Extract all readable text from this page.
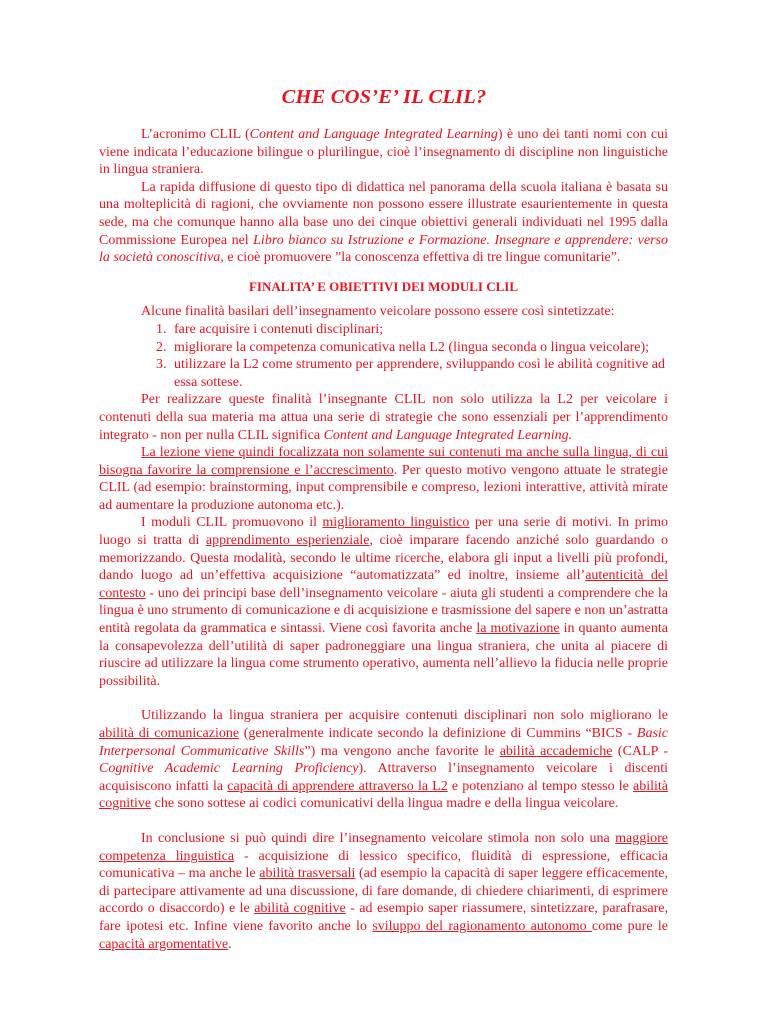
CHE COS’E’ IL CLIL?

L’acronimo CLIL (Content and Language Integrated Learning) è uno dei tanti nomi con cui viene indicata l’educazione bilingue o plurilingue, cioè l’insegnamento di discipline non linguistiche in lingua straniera.

La rapida diffusione di questo tipo di didattica nel panorama della scuola italiana è basata su una molteplicità di ragioni, che ovviamente non possono essere illustrate esaurientemente in questa sede, ma che comunque hanno alla base uno dei cinque obiettivi generali individuati nel 1995 dalla Commissione Europea nel Libro bianco su Istruzione e Formazione. Insegnare e apprendere: verso la società conoscitiva, e cioè promuovere ”la conoscenza effettiva di tre lingue comunitarie”.

FINALITA’ E OBIETTIVI DEI MODULI CLIL

Alcune finalità basilari dell’insegnamento veicolare possono essere così sintetizzate:

1. fare acquisire i contenuti disciplinari;
2. migliorare la competenza comunicativa nella L2 (lingua seconda o lingua veicolare);
3. utilizzare la L2 come strumento per apprendere, sviluppando così le abilità cognitive ad essa sottese.

Per realizzare queste finalità l’insegnante CLIL non solo utilizza la L2 per veicolare i contenuti della sua materia ma attua una serie di strategie che sono essenziali per l’apprendimento integrato - non per nulla CLIL significa Content and Language Integrated Learning.

La lezione viene quindi focalizzata non solamente sui contenuti ma anche sulla lingua, di cui bisogna favorire la comprensione e l’accrescimento. Per questo motivo vengono attuate le strategie CLIL (ad esempio: brainstorming, input comprensibile e compreso, lezioni interattive, attività mirate ad aumentare la produzione autonoma etc.).

I moduli CLIL promuovono il miglioramento linguistico per una serie di motivi. In primo luogo si tratta di apprendimento esperienziale, cioè imparare facendo anziché solo guardando o memorizzando. Questa modalità, secondo le ultime ricerche, elabora gli input a livelli più profondi, dando luogo ad un’effettiva acquisizione “automatizzata” ed inoltre, insieme all’autenticità del contesto - uno dei principi base dell’insegnamento veicolare - aiuta gli studenti a comprendere che la lingua è uno strumento di comunicazione e di acquisizione e trasmissione del sapere e non un’astratta entità regolata da grammatica e sintassi. Viene così favorita anche la motivazione in quanto aumenta la consapevolezza dell’utilità di saper padroneggiare una lingua straniera, che unita al piacere di riuscire ad utilizzare la lingua come strumento operativo, aumenta nell’allievo la fiducia nelle proprie possibilità.

Utilizzando la lingua straniera per acquisire contenuti disciplinari non solo migliorano le abilità di comunicazione (generalmente indicate secondo la definizione di Cummins “BICS - Basic Interpersonal Communicative Skills”) ma vengono anche favorite le abilità accademiche (CALP - Cognitive Academic Learning Proficiency). Attraverso l’insegnamento veicolare i discenti acquisiscono infatti la capacità di apprendere attraverso la L2 e potenziano al tempo stesso le abilità cognitive che sono sottese ai codici comunicativi della lingua madre e della lingua veicolare.

In conclusione si può quindi dire l’insegnamento veicolare stimola non solo una maggiore competenza linguistica - acquisizione di lessico specifico, fluidità di espressione, efficacia comunicativa – ma anche le abilità trasversali (ad esempio la capacità di saper leggere efficacemente, di partecipare attivamente ad una discussione, di fare domande, di chiedere chiarimenti, di esprimere accordo o disaccordo) e le abilità cognitive - ad esempio saper riassumere, sintetizzare, parafrasare, fare ipotesi etc. Infine viene favorito anche lo sviluppo del ragionamento autonomo come pure le capacità argomentative.
